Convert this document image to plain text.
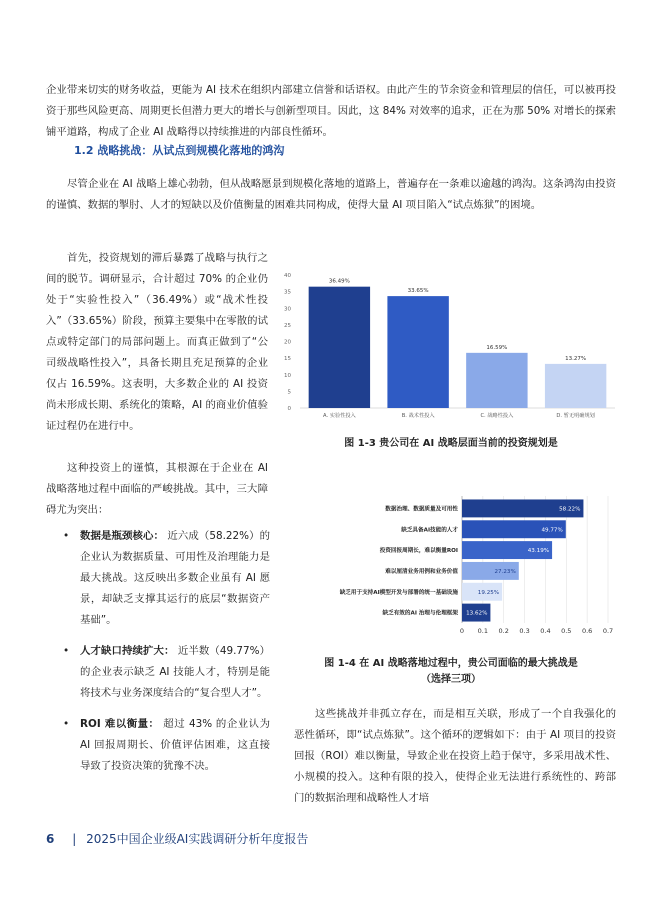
企业带来切实的财务收益，更能为 AI 技术在组织内部建立信誉和话语权。由此产生的节余资金和管理层的信任，可以被再投资于那些风险更高、周期更长但潜力更大的增长与创新型项目。因此，这 84% 对效率的追求，正在为那 50% 对增长的探索铺平道路，构成了企业 AI 战略得以持续推进的内部良性循环。

1.2 战略挑战：从试点到规模化落地的鸿沟

尽管企业在 AI 战略上雄心勃勃，但从战略愿景到规模化落地的道路上，普遍存在一条难以逾越的鸿沟。这条鸿沟由投资的谨慎、数据的掣肘、人才的短缺以及价值衡量的困难共同构成，使得大量 AI 项目陷入“试点炼狱”的困境。

首先，投资规划的滞后暴露了战略与执行之间的脱节。调研显示，合计超过 70% 的企业仍处于“实验性投入”（36.49%）或“战术性投入”（33.65%）阶段，预算主要集中在零散的试点或特定部门的局部问题上。而真正做到了“公司级战略性投入”，具备长期且充足预算的企业仅占 16.59%。这表明，大多数企业的 AI 投资尚未形成长期、系统化的策略，AI 的商业价值验证过程仍在进行中。

这种投资上的谨慎，其根源在于企业在 AI 战略落地过程中面临的严峻挑战。其中，三大障碍尤为突出：

• 数据是瓶颈核心： 近六成（58.22%）的企业认为数据质量、可用性及治理能力是最大挑战。这反映出多数企业虽有 AI 愿景，却缺乏支撑其运行的底层“数据资产基础”。
• 人才缺口持续扩大： 近半数（49.77%）的企业表示缺乏 AI 技能人才，特别是能将技术与业务深度结合的“复合型人才”。
• ROI 难以衡量： 超过 43% 的企业认为 AI 回报周期长、价值评估困难，这直接导致了投资决策的犹豫不决。
0
5
10
15
20
25
30
35
40
36.49%
A. 实验性投入
33.65%
B. 战术性投入
16.59%
C. 战略性投入
13.27%
D. 暂无明确规划

图 1-3 贵公司在 AI 战略层面当前的投资规划是

0 0.1 0.2 0.3 0.4 0.5 0.6 0.7
58.22%
数据治理、数据质量及可用性
49.77%
缺乏具备AI技能的人才
43.19%
投资回报周期长，难以衡量ROI
27.23%
难以厘清业务用例和业务价值
19.25%
缺乏用于支持AI模型开发与部署的统一基础设施
13.62%
缺乏有效的AI 治理与伦理框架

图 1-4 在 AI 战略落地过程中，贵公司面临的最大挑战是
（选择三项）

这些挑战并非孤立存在，而是相互关联，形成了一个自我强化的恶性循环，即“试点炼狱”。这个循环的逻辑如下：由于 AI 项目的投资回报（ROI）难以衡量，导致企业在投资上趋于保守，多采用战术性、小规模的投入。这种有限的投入，使得企业无法进行系统性的、跨部门的数据治理和战略性人才培

6 | 2025中国企业级AI实践调研分析年度报告
